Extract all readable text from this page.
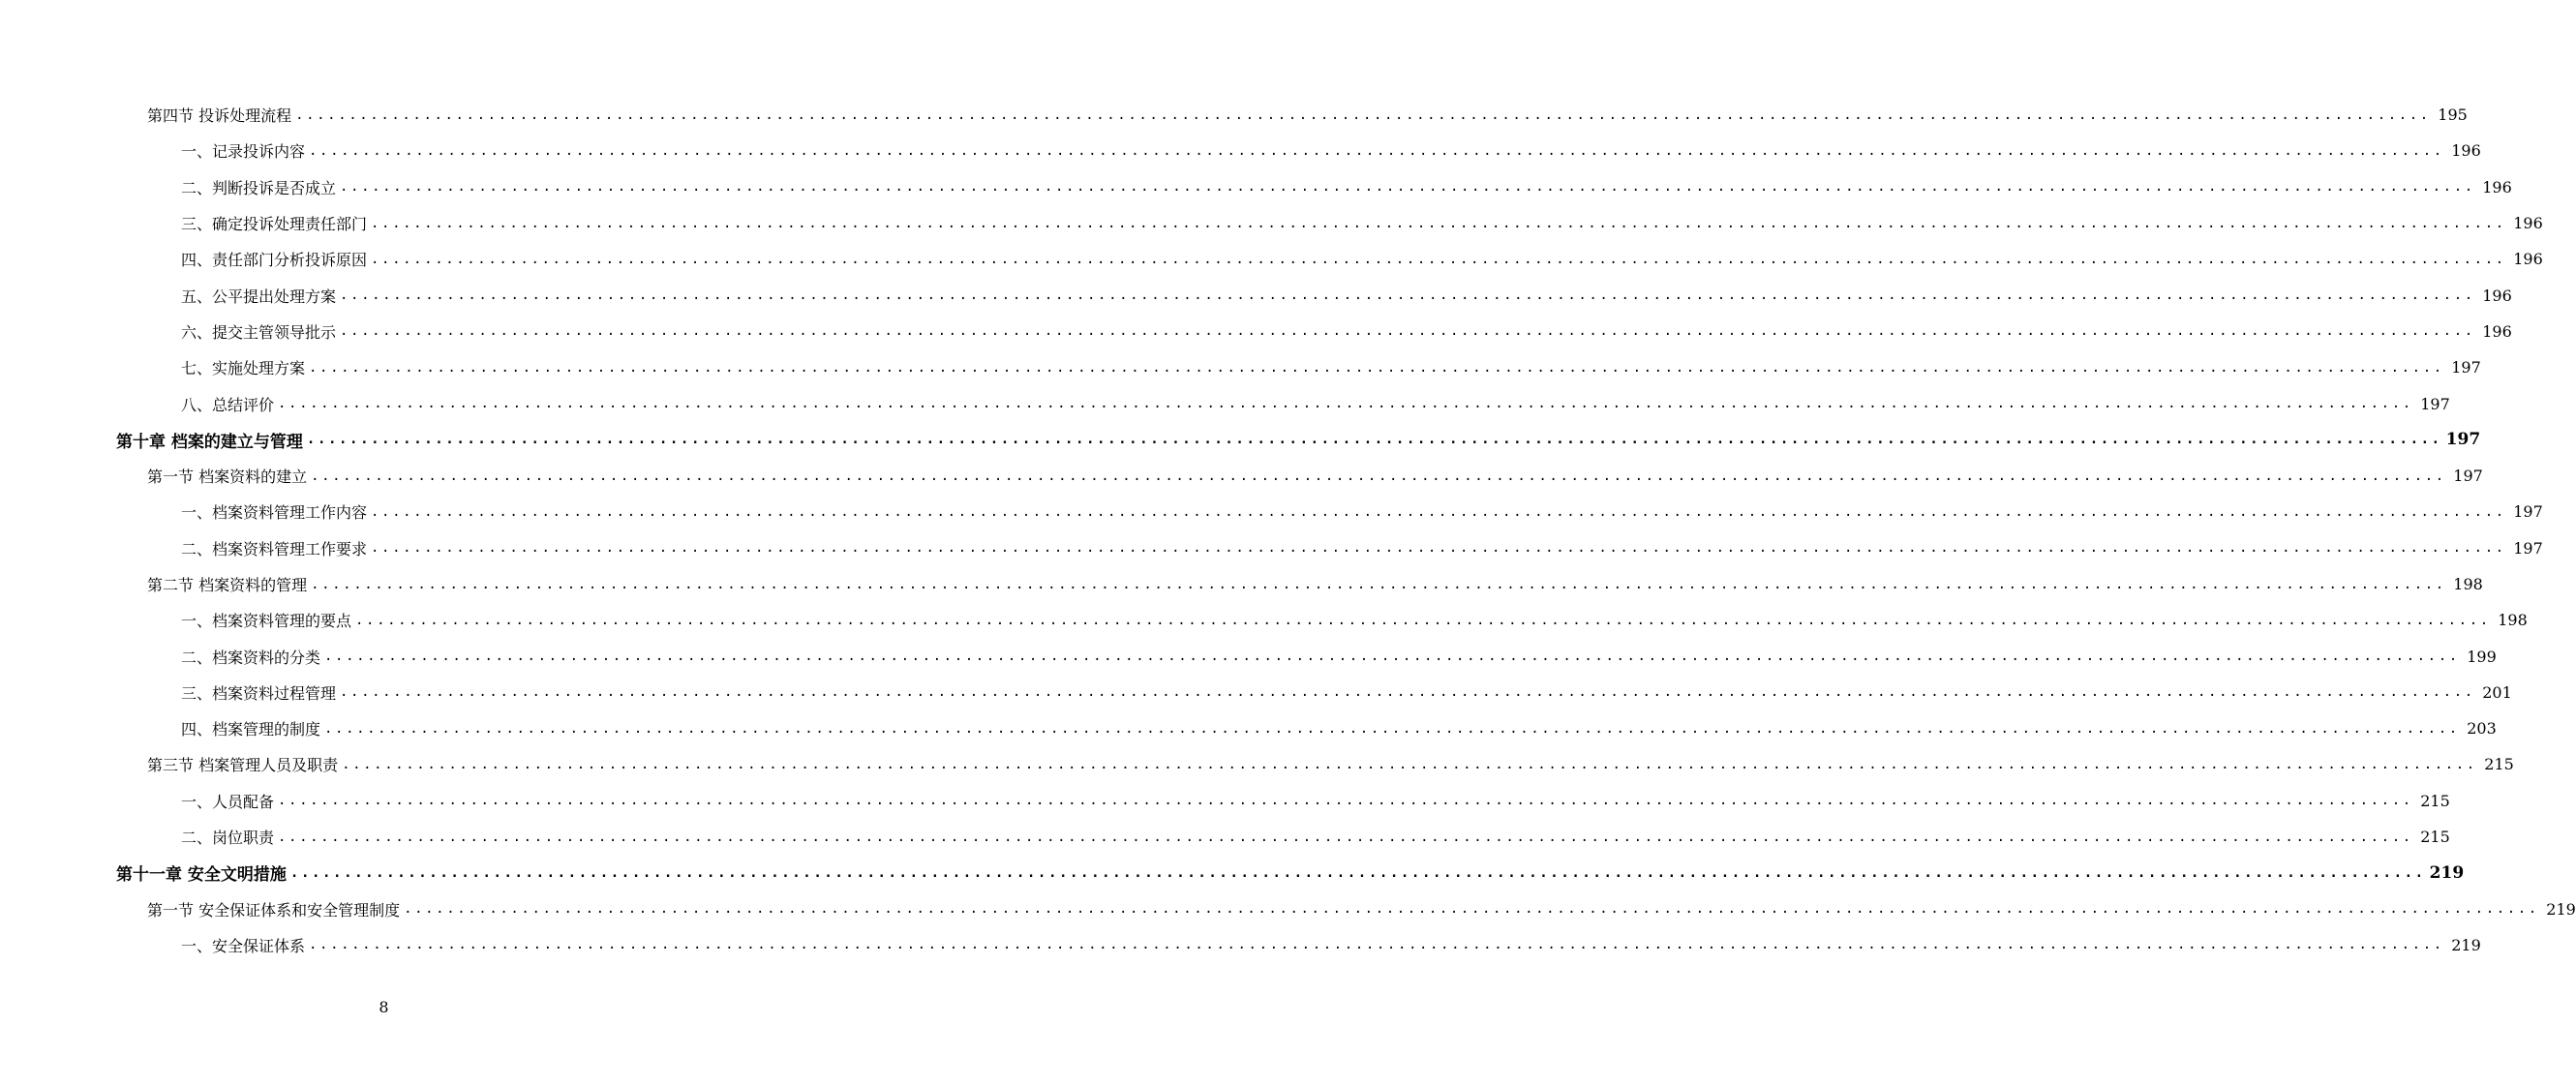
第四节 投诉处理流程 ........................................................................................................................................................................................................ 195
一、记录投诉内容 ........................................................................................................................................................................................................ 196
二、判断投诉是否成立 ........................................................................................................................................................................................................ 196
三、确定投诉处理责任部门 ........................................................................................................................................................................................................ 196
四、责任部门分析投诉原因 ........................................................................................................................................................................................................ 196
五、公平提出处理方案 ........................................................................................................................................................................................................ 196
六、提交主管领导批示 ........................................................................................................................................................................................................ 196
七、实施处理方案 ........................................................................................................................................................................................................ 197
八、总结评价 ........................................................................................................................................................................................................ 197
第十章 档案的建立与管理 ........................................................................................................................................................................................................ 197
第一节 档案资料的建立 ........................................................................................................................................................................................................ 197
一、档案资料管理工作内容 ........................................................................................................................................................................................................ 197
二、档案资料管理工作要求 ........................................................................................................................................................................................................ 197
第二节 档案资料的管理 ........................................................................................................................................................................................................ 198
一、档案资料管理的要点 ........................................................................................................................................................................................................ 198
二、档案资料的分类 ........................................................................................................................................................................................................ 199
三、档案资料过程管理 ........................................................................................................................................................................................................ 201
四、档案管理的制度 ........................................................................................................................................................................................................ 203
第三节 档案管理人员及职责 ........................................................................................................................................................................................................ 215
一、人员配备 ........................................................................................................................................................................................................ 215
二、岗位职责 ........................................................................................................................................................................................................ 215
第十一章 安全文明措施 ........................................................................................................................................................................................................ 219
第一节 安全保证体系和安全管理制度 ........................................................................................................................................................................................................ 219
一、安全保证体系 ........................................................................................................................................................................................................ 219
8
